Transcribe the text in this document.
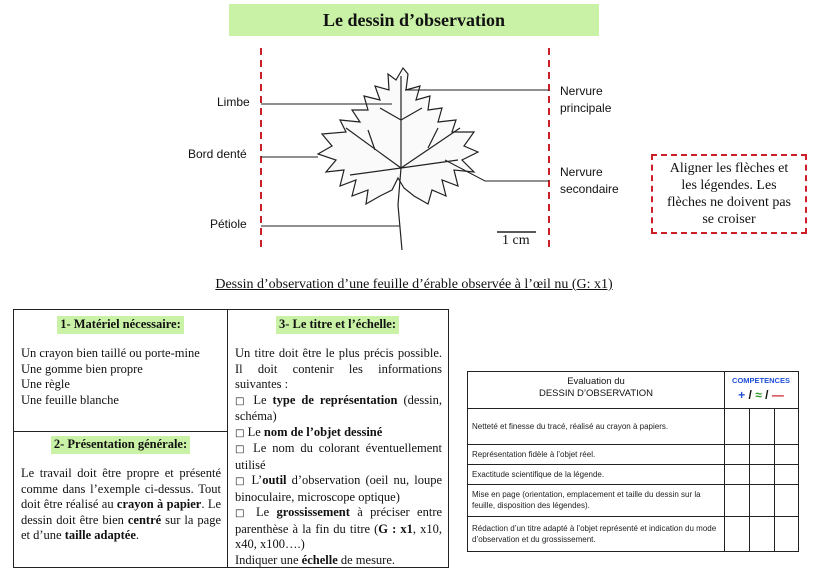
Le dessin d’observation
Limbe
Bord denté
Pétiole
Nervure
principale
Nervure
secondaire
1 cm
Aligner les flèches et
les légendes. Les
flèches ne doivent pas
se croiser
Dessin d’observation d’une feuille d’érable observée à l’œil nu (G: x1)
1- Matériel nécessaire:
Un crayon bien taillé ou porte-mine
Une gomme bien propre
Une règle
Une feuille blanche
2- Présentation générale:
Le travail doit être propre et présenté comme dans l’exemple ci-dessus. Tout doit être réalisé au crayon à papier. Le dessin doit être bien centré sur la page et d’une taille adaptée.
3- Le titre et l’échelle:
Un titre doit être le plus précis possible. Il doit contenir les informations suivantes :
□ Le type de représentation (dessin, schéma)
□ Le nom de l’objet dessiné
□ Le nom du colorant éventuellement utilisé
□ L’outil d’observation (oeil nu, loupe binoculaire, microscope optique)
□ Le grossissement à préciser entre parenthèse à la fin du titre (G : x1, x10, x40, x100….)
Indiquer une échelle de mesure.
Evaluation du
DESSIN D’OBSERVATION
COMPETENCES
+ / ≈ / —
Netteté et finesse du tracé, réalisé au crayon à papiers.
Représentation fidèle à l’objet réel.
Exactitude scientifique de la légende.
Mise en page (orientation, emplacement et taille du dessin sur la feuille, disposition des légendes).
Rédaction d’un titre adapté à l’objet représenté et indication du mode d’observation et du grossissement.
